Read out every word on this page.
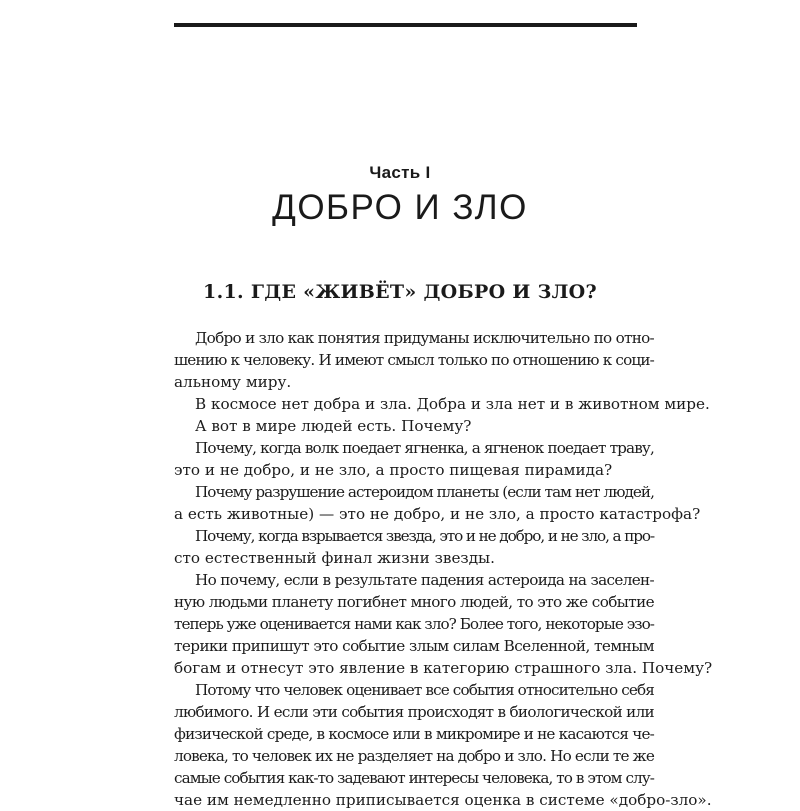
Часть I
ДОБРО И ЗЛО
1.1. ГДЕ «ЖИВЁТ» ДОБРО И ЗЛО?
Добро и зло как понятия придуманы исключительно по отно-
шению к человеку. И имеют смысл только по отношению к соци-
альному миру.
В космосе нет добра и зла. Добра и зла нет и в животном мире.
А вот в мире людей есть. Почему?
Почему, когда волк поедает ягненка, а ягненок поедает траву,
это и не добро, и не зло, а просто пищевая пирамида?
Почему разрушение астероидом планеты (если там нет людей,
а есть животные) — это не добро, и не зло, а просто катастрофа?
Почему, когда взрывается звезда, это и не добро, и не зло, а про-
сто естественный финал жизни звезды.
Но почему, если в результате падения астероида на заселен-
ную людьми планету погибнет много людей, то это же событие
теперь уже оценивается нами как зло? Более того, некоторые эзо-
терики припишут это событие злым силам Вселенной, темным
богам и отнесут это явление в категорию страшного зла. Почему?
Потому что человек оценивает все события относительно себя
любимого. И если эти события происходят в биологической или
физической среде, в космосе или в микромире и не касаются че-
ловека, то человек их не разделяет на добро и зло. Но если те же
самые события как-то задевают интересы человека, то в этом слу-
чае им немедленно приписывается оценка в системе «добро-зло».
